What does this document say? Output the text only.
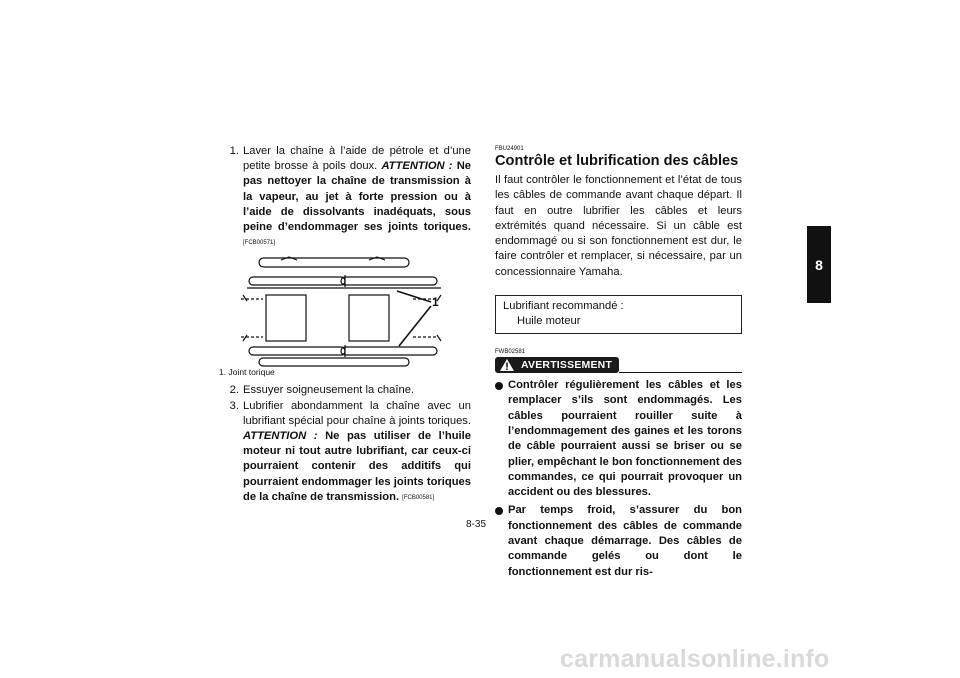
1. Laver la chaîne à l’aide de pétrole et d’une petite brosse à poils doux. ATTENTION : Ne pas nettoyer la chaîne de transmission à la vapeur, au jet à forte pression ou à l’aide de dissolvants inadéquats, sous peine d’endommager ses joints toriques. [FCB00571]
1
1. Joint torique
2. Essuyer soigneusement la chaîne.
3. Lubrifier abondamment la chaîne avec un lubrifiant spécial pour chaîne à joints toriques. ATTENTION : Ne pas utiliser de l’huile moteur ni tout autre lubrifiant, car ceux-ci pourraient contenir des additifs qui pourraient endommager les joints toriques de la chaîne de transmission. [FCB00581]
FBU24901
Contrôle et lubrification des câbles

Il faut contrôler le fonctionnement et l’état de tous les câbles de commande avant chaque départ. Il faut en outre lubrifier les câbles et leurs extrémités quand nécessaire. Si un câble est endommagé ou si son fonctionnement est dur, le faire contrôler et remplacer, si nécessaire, par un concessionnaire Yamaha.

Lubrifiant recommandé :
Huile moteur
FWB02581
AVERTISSEMENT
Contrôler régulièrement les câbles et les remplacer s’ils sont endommagés. Les câbles pourraient rouiller suite à l’endommagement des gaines et les torons de câble pourraient aussi se briser ou se plier, empêchant le bon fonctionnement des commandes, ce qui pourrait provoquer un accident ou des blessures.
Par temps froid, s’assurer du bon fonctionnement des câbles de commande avant chaque démarrage. Des câbles de commande gelés ou dont le fonctionnement est dur ris-
8-35
8
carmanualsonline.info
